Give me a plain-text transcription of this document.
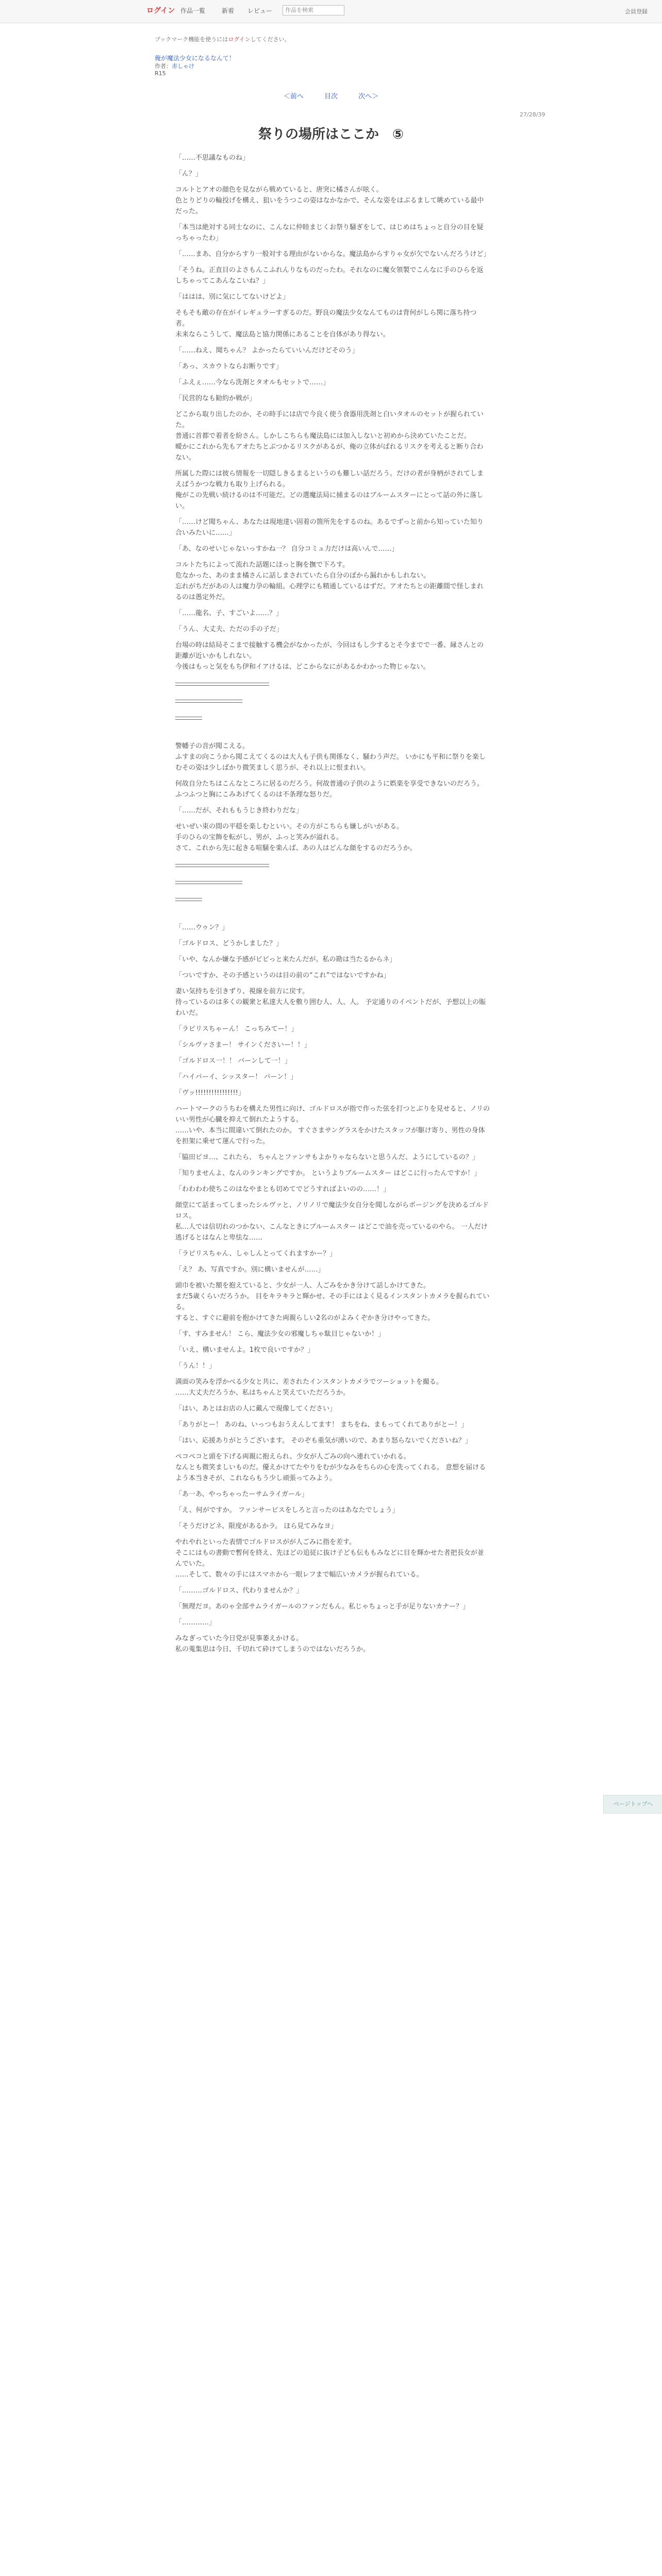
ログイン 作品一覧	新着 レビュー	作品を検索	会員登録
ブックマーク機能を使うにはログインしてください。
俺が魔法少女になるなんて！
作者：赤しゃけ
R15
＜前へ	目次	次へ＞
27/28/39
祭りの場所はここか　⑤

「……不思議なものね」

「ん？」

コルトとアオの顔色を見ながら戦めていると、唐突に橘さんが呟く。
色とりどりの輪投げを構え、狙いをうつこの姿はなかなかで、そんな姿をはぶるまして眺めている最中だった。

「本当は絶対する同士なのに、こんなに仲睦まじくお祭り騒ぎをして、はじめはちょっと自分の目を疑っちゃったわ」

「……まあ、自分からすり一般対する理由がないからな。魔法島からすりゃ女が欠でないんだろうけど」

「そうね。正直目のよさもんこふれんりなものだったわ。それなのに魔女領製でこんなに手のひらを返しちゃってこあんなこいね？」

「ははは、別に気にしてないけどよ」

そもそも敵の存在がイレギュラーすぎるのだ。野良の魔法少女なんてものは背何がしら関に落ち持つ者。
未来ならこうして、魔法島と協力関係にあることを自体があり得ない。

「……ねえ、聞ちゃん？ よかったらていいんだけどそのう」

「あっ、スカウトならお断りです」

「ふえぇ……今なら洗剤とタオルもセットで……」

「民営的なも勧約か戦が」

どこから取り出したのか、その時手には店で今良く使う食器用洗剤と白いタオルのセットが握られていた。
普通に首都で着者を紛さん。しかしこちらも魔法島には加入しないと初めから決めていたことだ。
曖かにこれから先もアオたちとぶつかるリスクがあるが、俺の立体がばれるリスクを考えると断り合わない。

所属した際には彼ら情報を一切隠しきるまるというのも難しい話だろう。だけの者が身柄がされてしまえばうかつな戦力も取り上げられる。
俺がこの先戦い続けるのは不可能だ。どの選魔法局に捕まるのはブルームスターにとって話の外に落しい。

「……けど聞ちゃん、あなたは現地達い固着の箇所先をするのね。あるでずっと前から知っていた知り合いみたいに……」

「あ、なのせいじゃないっすかね一？ 自分コミュ力だけは高いんで……」

コルトたちによって流れた話題にほっと胸を撫で下ろす。
危なかった、あのまま橘さんに話しまされていたら自分のぼから漏れかもしれない。
忘れがちだがあの人は魔力孕の輪組。心理学にも精通しているはずだ。アオたちとの距離間で怪しまれるのは愚定外だ。

「……龍名、子、すごいよ……？」

「うん、大丈夫、ただの手の子だ」

台場の時は結局そこまで接触する機会がなかったが、今回はもし少するとそ今までで一番、縁さんとの距離が近いかもしれない。
今後はもっと気をもち伊和イアけるは、どこからなにがあるかわかった物じゃない。

――――――――――――――

――――――――――

――――

警幡子の音が聞こえる。
ふすまの向こうから聞こえてくるのは大人も子供も関係なく、騒わう声だ。 いかにも平和に祭りを楽しむその姿は少しばかり微笑ましく思うが、それ以上に恨まれい。

何故自分たちはこんなところに居るのだろう。何故普通の子供のように娯楽を享受できないのだろう。ふつふつと胸にこみあげてくるのは不条理な怒りだ。

「……だが、それももうじき終わりだな」

せいぜい束の間の平穏を楽しむといい。その方がこちらも嫌しがいがある。
手のひらの宝飾を転がし、男が、ふっと笑みが溢れる。
さて、これから先に起きる喧騒を楽んば、あの人はどんな顔をするのだろうか。

――――――――――――――

――――――――――

――――

「……ウゥン？」

「ゴルドロス、どうかしました？」

「いや、なんか嫌な予感がビビっと来たんだが。私の勘は当たるからネ」

「ついですか、その予感というのは目の前の“これ”ではないですかね」

妻い気持ちを引きずり、視線を前方に戻す。
待っているのは多くの観衆と私達大人を敷り囲む人、人、人。 予定通りのイベントだが、予想以上の賑わいだ。

「ラピリスちゃーん！ こっちみてー！」

「シルヴァさまー！ サインくださいー！！」

「ゴルドロス一！！ バーンして一！」

「ハイパーイ、シッスター！ パーン！」

「ヴッ!!!!!!!!!!!!!!!!」

ハートマークのうちわを構えた男性に向け、ゴルドロスが指で作った弦を打つとぶりを見せると、ノリのいい男性が心臓を抑えて倒れたようする。
……いや、本当に間違いて倒れたのか。 すぐさまサングラスをかけたスタッフが駆け寄り、男性の身体を担架に乗せて運んで行った。

「脇田ピヨ…、これたら、 ちゃんとファンサもよかりゃならないと思うんだ、ようにしているの？」

「知りませんよ、なんのランキングですか。 というよりブルームスター はどこに行ったんですか！」

「わわわわ使ちこのはなやまとも切めてでどうすればよいのの……！」

顔堂にて話まってしまったシルヴァと、ノリノリで魔法少女自分を聞しながらポージングを決めるゴルドロス。
私…人では信切れのつかない、こんなときにブルームスター はどこで油を売っているのやら。 一人だけ逃げるとはなんと卑怯な……

「ラピリスちゃん、しゃしんとってくれますかー？」

「え？ あ、写真ですか。別に構いませんが……」

頭巾を被いた額を抱えていると、少女が一人、人ごみをかき分けて話しかけてきた。
まだ5歳くらいだろうか。 目をキラキラと輝かせ、その手にはよく見るインスタントカメラを握られている。
すると、すぐに避前を抱かけてきた両親らしい2名のがよみくぞかき分けやってきた。

「す、すみません！ こら、魔法少女の邪魔しちゃ駄目じゃないか！」

「いえ、構いませんよ。1枚で良いですか？」

「うん！！」

満面の笑みを浮かべる少女と共に、差されたインスタントカメラでツーショットを撮る。
……大丈夫だろうか、私はちゃんと笑えていただろうか。

「はい、あとはお店の人に戴んで現像してください」

「ありがとー！ あのね、いっつもおうえんしてます！ まちをね、まもってくれてありがとー！」

「はい、応援ありがとうございます。 そのぞも重気が湧いので、あまり怒らないでくださいね？」

ペコペコと頭を下げる両親に抱えられ、少女が人ごみの向へ連れていかれる。
なんとも微笑ましいものだ。優えかけてたやりをむが少なみをちらの心を洗ってくれる。 意想を届けるよう本当きそが、これならもう少し頑張ってみよう。

「あ一あ、やっちゃったーサムライガール」

「え、何がですか。 ファンサービスをしろと言ったのはあなたでしょう」

「そうだけどネ、限度があるかラ。 ほら見てみなヨ」

やれやれといった表情でゴルドロスがが人ごみに指を差す。
そこにはもの書動で暫何を終え、先ほどの追従に抜け子ども伝ももみなどに目を輝かせた者把長女が並んでいた。
……そして、数々の手にはスマホから一眼レフまで幅広いカメラが握られている。

「………ゴルドロス、代わりませんか？」

「無理だヨ。あのゃ全部サムライガールのファンだもん。私じゃちょっと手が足りないカナー？」

「…………」

みなぎっていた今日党が見事萎えかける。
私の蒐集思は今日、千切れて砕けてしまうのではないだろうか。

ページトップへ
